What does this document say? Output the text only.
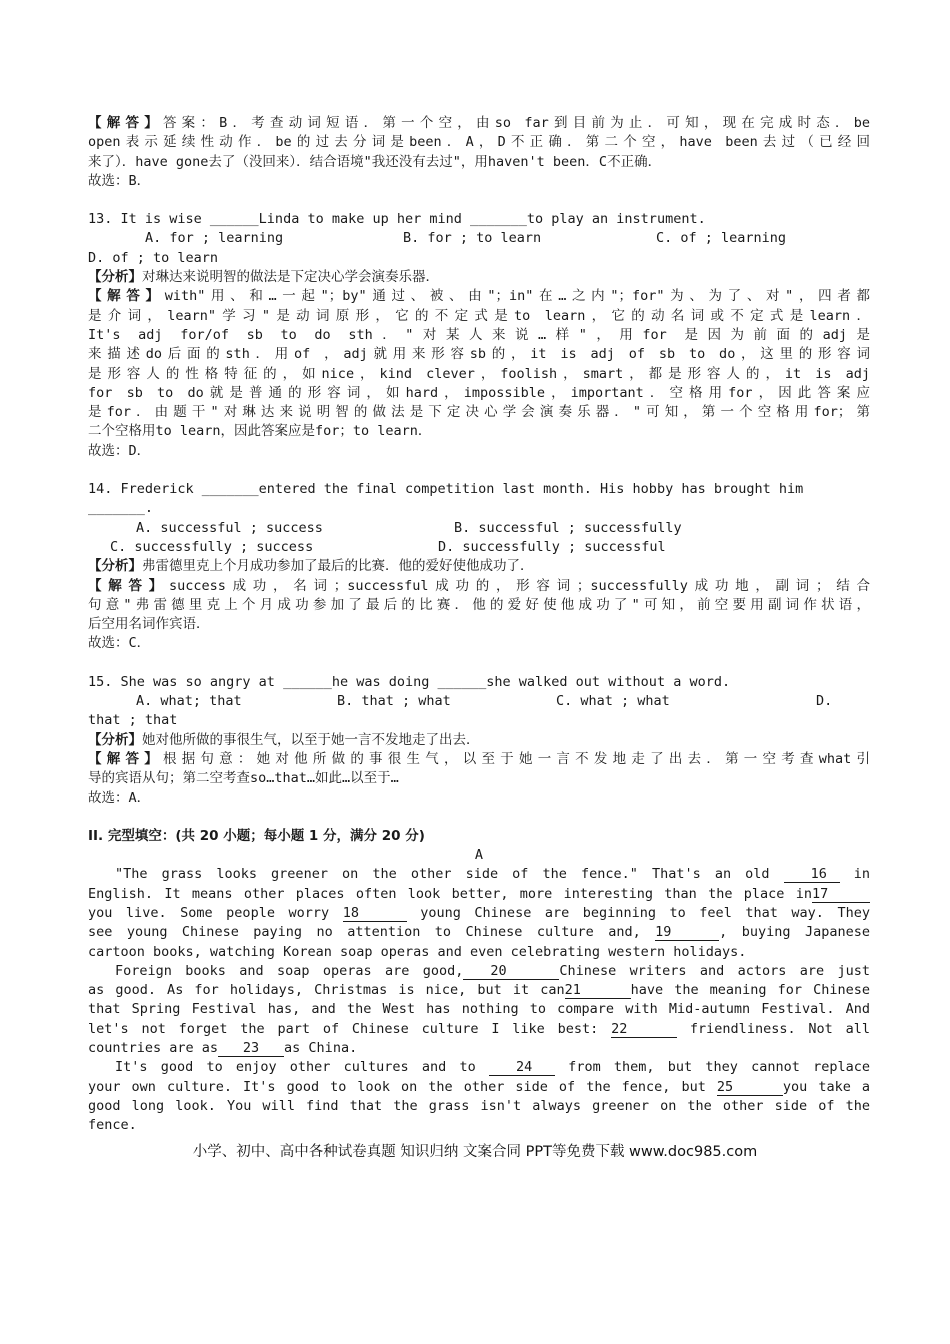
【解答】答案：B．考查动词短语．第一个空，由so far到目前为止．可知，现在完成时态．be
open表示延续性动作．be的过去分词是been．A，D不正确．第二个空，have been去过（已经回
来了）．have gone去了（没回来）．结合语境"我还没有去过"，用haven't been．C不正确．
故选：B．
13. It is wise ______Linda to make up her mind _______to play an instrument.
A. for ; learning	B. for ; to learn	C. of ; learning
D. of ; to learn
【分析】对琳达来说明智的做法是下定决心学会演奏乐器．
【解答】with"用、和…一起"；by"通过、被、由"；in"在…之内"；for"为、为了、对"，四者都
是介词，learn"学习"是动词原形，它的不定式是to learn，它的动名词或不定式是learn．
It's adj for/of sb to do sth．"对某人来说…样"，用for 是因为前面的adj是
来描述do后面的sth．用of ，adj就用来形容sb的，it is adj of sb to do，这里的形容词
是形容人的性格特征的，如nice，kind clever，foolish，smart，都是形容人的，it is adj
for sb to do就是普通的形容词，如hard，impossible，important．空格用for，因此答案应
是for．由题干"对琳达来说明智的做法是下定决心学会演奏乐器．"可知，第一个空格用for；第
二个空格用to learn，因此答案应是for；to learn．
故选：D．
14. Frederick _______entered the final competition last month. His hobby has brought him
_______.
A. successful ; success	B. successful ; successfully
C. successfully ; success	D. successfully ; successful
【分析】弗雷德里克上个月成功参加了最后的比赛．他的爱好使他成功了．
【解答】success成功，名词；successful成功的，形容词；successfully成功地，副词；结合
句意"弗雷德里克上个月成功参加了最后的比赛．他的爱好使他成功了"可知，前空要用副词作状语，
后空用名词作宾语．
故选：C．
15. She was so angry at ______he was doing ______she walked out without a word.
A. what; that	B. that ; what	C. what ; what	D.
that ; that
【分析】她对他所做的事很生气，以至于她一言不发地走了出去．
【解答】根据句意：她对他所做的事很生气，以至于她一言不发地走了出去．第一空考查what引
导的宾语从句；第二空考查so…that…如此…以至于…
故选：A．
II. 完型填空：(共 20 小题；每小题 1 分，满分 20 分)
A
"The grass looks greener on the other side of the fence." That's an old 16 in
English. It means other places often look better, more interesting than the place in17
you live. Some people worry 18	young Chinese are beginning to feel that way. They
see young Chinese paying no attention to Chinese culture and, 19	, buying Japanese
cartoon books, watching Korean soap operas and even celebrating western holidays.
Foreign books and soap operas are good, 20	Chinese writers and actors are just
as good. As for holidays, Christmas is nice, but it can21	have the meaning for Chinese
that Spring Festival has, and the West has nothing to compare with Mid-autumn Festival. And
let's not forget the part of Chinese culture I like best: 22	friendliness. Not all
countries are as 23 as China.
It's good to enjoy other cultures and to 24 from them, but they cannot replace
your own culture. It's good to look on the other side of the fence, but 25	you take a
good long look. You will find that the grass isn't always greener on the other side of the
fence.
小学、初中、高中各种试卷真题 知识归纳 文案合同 PPT等免费下载 www.doc985.com
